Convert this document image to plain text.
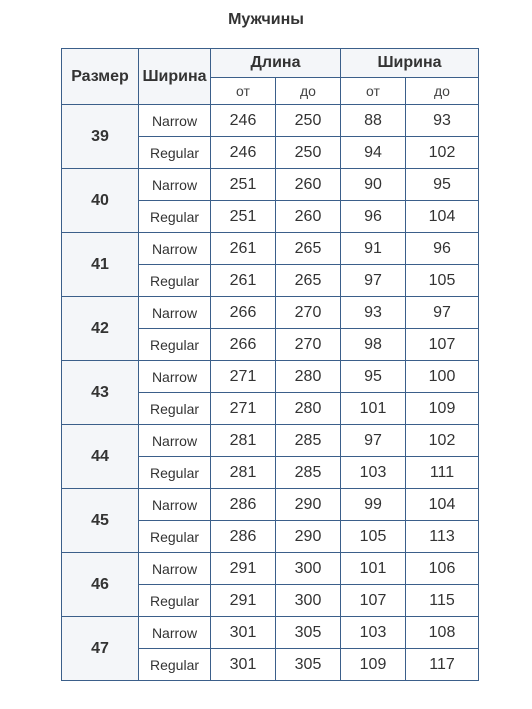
Мужчины
Размер	Ширина	Длина		Ширина	
		от	до	от	до
39	Narrow	246	250	88	93
	Regular	246	250	94	102
40	Narrow	251	260	90	95
	Regular	251	260	96	104
41	Narrow	261	265	91	96
	Regular	261	265	97	105
42	Narrow	266	270	93	97
	Regular	266	270	98	107
43	Narrow	271	280	95	100
	Regular	271	280	101	109
44	Narrow	281	285	97	102
	Regular	281	285	103	111
45	Narrow	286	290	99	104
	Regular	286	290	105	113
46	Narrow	291	300	101	106
	Regular	291	300	107	115
47	Narrow	301	305	103	108
	Regular	301	305	109	117
